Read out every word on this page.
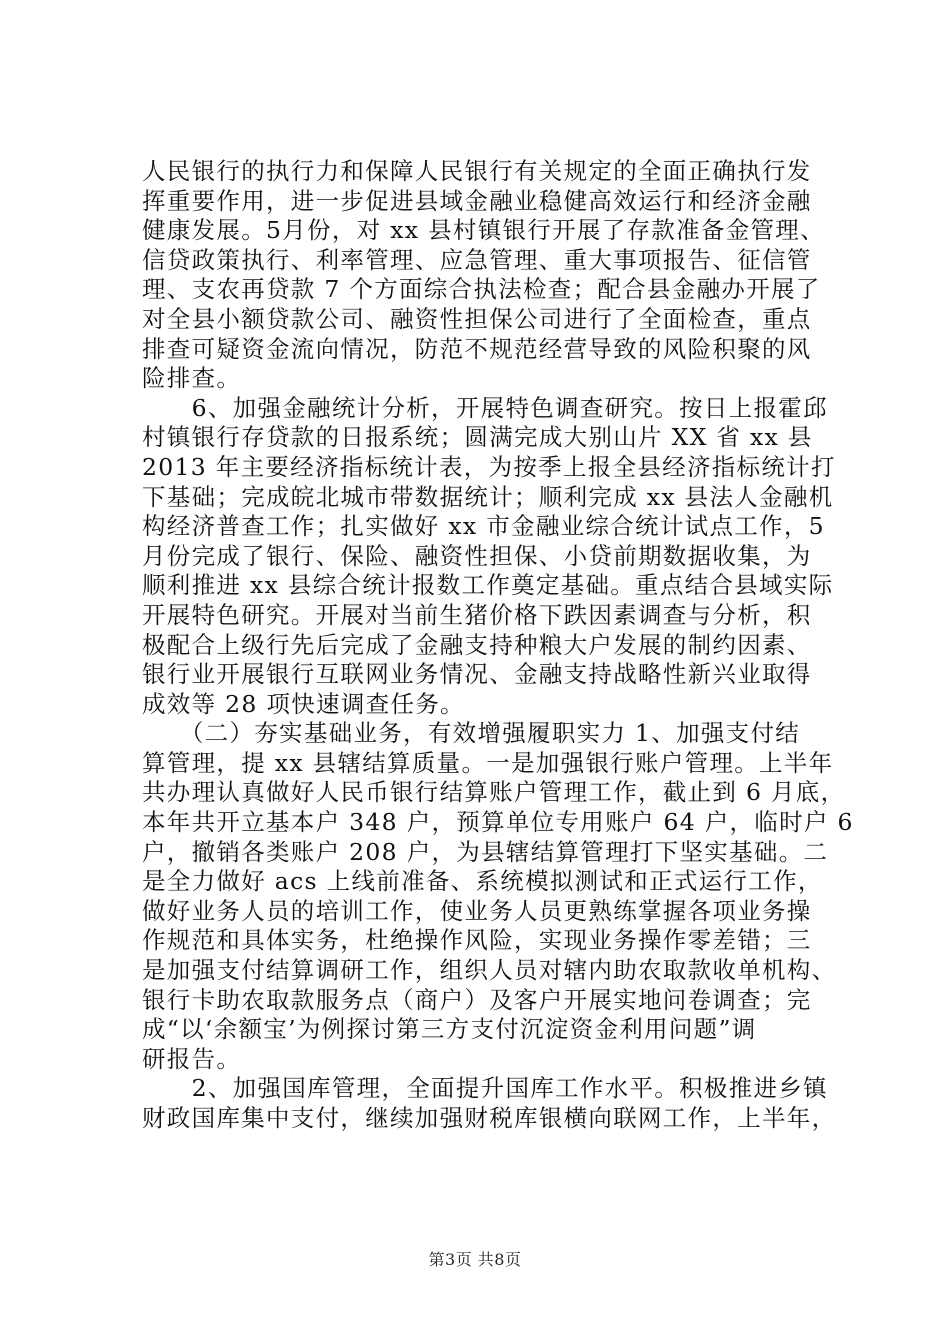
人民银行的执行力和保障人民银行有关规定的全面正确执行发
挥重要作用，进一步促进县域金融业稳健高效运行和经济金融
健康发展。5月份，对 xx 县村镇银行开展了存款准备金管理、
信贷政策执行、利率管理、应急管理、重大事项报告、征信管
理、支农再贷款 7 个方面综合执法检查；配合县金融办开展了
对全县小额贷款公司、融资性担保公司进行了全面检查，重点
排查可疑资金流向情况，防范不规范经营导致的风险积聚的风
险排查。
　　6、加强金融统计分析，开展特色调查研究。按日上报霍邱
村镇银行存贷款的日报系统；圆满完成大别山片 XX 省 xx 县
2013 年主要经济指标统计表，为按季上报全县经济指标统计打
下基础；完成皖北城市带数据统计；顺利完成 xx 县法人金融机
构经济普查工作；扎实做好 xx 市金融业综合统计试点工作，5
月份完成了银行、保险、融资性担保、小贷前期数据收集，为
顺利推进 xx 县综合统计报数工作奠定基础。重点结合县域实际
开展特色研究。开展对当前生猪价格下跌因素调查与分析，积
极配合上级行先后完成了金融支持种粮大户发展的制约因素、
银行业开展银行互联网业务情况、金融支持战略性新兴业取得
成效等 28 项快速调查任务。
　　（二）夯实基础业务，有效增强履职实力 1、加强支付结
算管理，提 xx 县辖结算质量。一是加强银行账户管理。上半年
共办理认真做好人民币银行结算账户管理工作，截止到 6 月底，
本年共开立基本户 348 户，预算单位专用账户 64 户，临时户 6
户，撤销各类账户 208 户，为县辖结算管理打下坚实基础。二
是全力做好 acs 上线前准备、系统模拟测试和正式运行工作，
做好业务人员的培训工作，使业务人员更熟练掌握各项业务操
作规范和具体实务，杜绝操作风险，实现业务操作零差错；三
是加强支付结算调研工作，组织人员对辖内助农取款收单机构、
银行卡助农取款服务点（商户）及客户开展实地问卷调查；完
成“以‘余额宝’为例探讨第三方支付沉淀资金利用问题”调
研报告。
　　2、加强国库管理，全面提升国库工作水平。积极推进乡镇
财政国库集中支付，继续加强财税库银横向联网工作，上半年，
第3页 共8页
